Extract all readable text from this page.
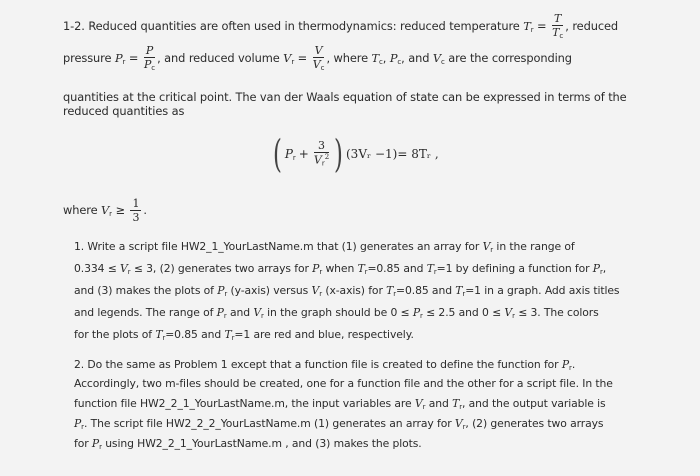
1-2. Reduced quantities are often used in thermodynamics: reduced temperature $T_r = \frac{T}{T_c}$ , reduced
pressure $P_r = \frac{P}{P_c}$ , and reduced volume $V_r = \frac{V}{V_c}$ , where $T_c$, $P_c$, and $V_c$ are the corresponding
quantities at the critical point. The van der Waals equation of state can be expressed in terms of the
reduced quantities as
( $P_r + \frac{3}{V_r^2}$ ) (3Vᵣ −1)= 8Tᵣ ,
where $V_r \ge \frac{1}{3}$ .
1. Write a script file HW2_1_YourLastName.m that (1) generates an array for $V_r$ in the range of
$0.334 \le V_r \le 3$, (2) generates two arrays for $P_r$ when $T_r=0.85$ and $T_r=1$ by defining a function for $P_r$,
and (3) makes the plots of $P_r$ (y-axis) versus $V_r$ (x-axis) for $T_r=0.85$ and $T_r=1$ in a graph. Add axis titles
and legends. The range of $P_r$ and $V_r$ in the graph should be $0 \le P_r \le 2.5$ and $0 \le V_r \le 3$. The colors
for the plots of $T_r=0.85$ and $T_r=1$ are red and blue, respectively.
2. Do the same as Problem 1 except that a function file is created to define the function for $P_r$.
Accordingly, two m-files should be created, one for a function file and the other for a script file. In the
function file HW2_2_1_YourLastName.m, the input variables are $V_r$ and $T_r$, and the output variable is
$P_r$. The script file HW2_2_2_YourLastName.m (1) generates an array for $V_r$, (2) generates two arrays
for $P_r$ using HW2_2_1_YourLastName.m , and (3) makes the plots.
